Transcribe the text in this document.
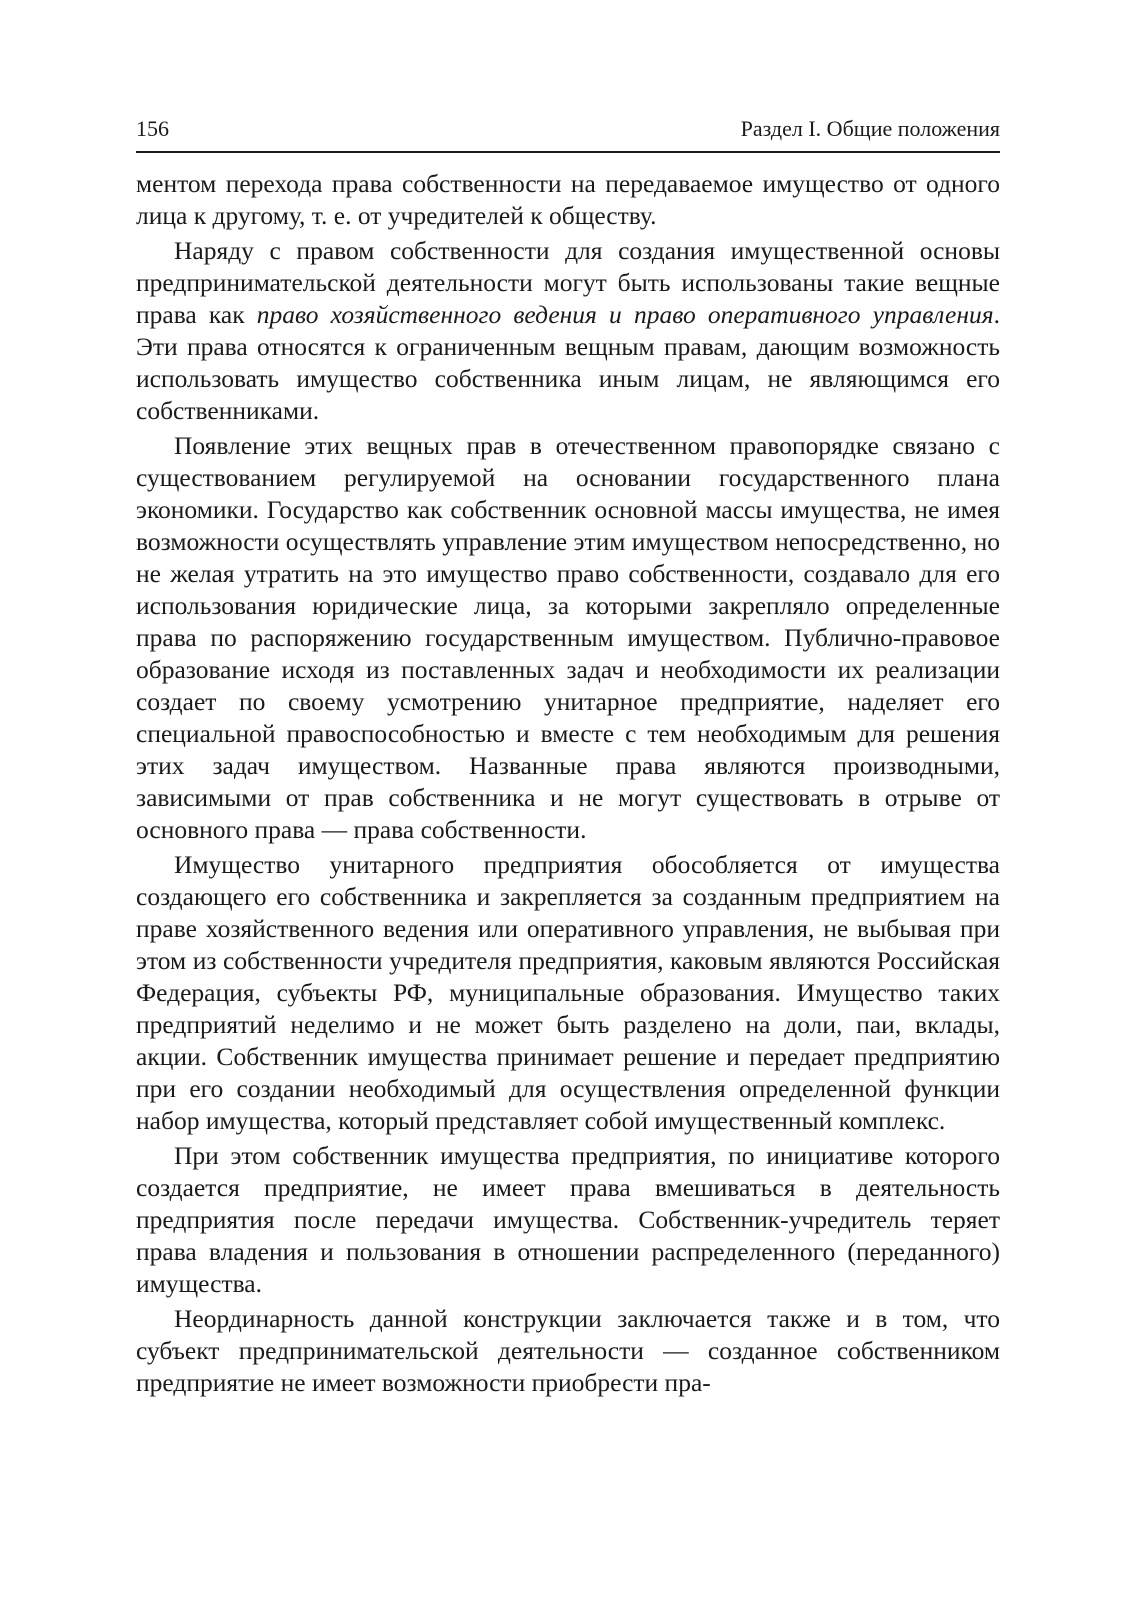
156	Раздел I. Общие положения

ментом перехода права собственности на передаваемое имущество от одного лица к другому, т. е. от учредителей к обществу.

Наряду с правом собственности для создания имущественной основы предпринимательской деятельности могут быть использованы такие вещные права как право хозяйственного ведения и право оперативного управления. Эти права относятся к ограниченным вещным правам, дающим возможность использовать имущество собственника иным лицам, не являющимся его собственниками.

Появление этих вещных прав в отечественном правопорядке связано с существованием регулируемой на основании государственного плана экономики. Государство как собственник основной массы имущества, не имея возможности осуществлять управление этим имуществом непосредственно, но не желая утратить на это имущество право собственности, создавало для его использования юридические лица, за которыми закрепляло определенные права по распоряжению государственным имуществом. Публично-правовое образование исходя из поставленных задач и необходимости их реализации создает по своему усмотрению унитарное предприятие, наделяет его специальной правоспособностью и вместе с тем необходимым для решения этих задач имуществом. Названные права являются производными, зависимыми от прав собственника и не могут существовать в отрыве от основного права — права собственности.

Имущество унитарного предприятия обособляется от имущества создающего его собственника и закрепляется за созданным предприятием на праве хозяйственного ведения или оперативного управления, не выбывая при этом из собственности учредителя предприятия, каковым являются Российская Федерация, субъекты РФ, муниципальные образования. Имущество таких предприятий неделимо и не может быть разделено на доли, паи, вклады, акции. Собственник имущества принимает решение и передает предприятию при его создании необходимый для осуществления определенной функции набор имущества, который представляет собой имущественный комплекс.

При этом собственник имущества предприятия, по инициативе которого создается предприятие, не имеет права вмешиваться в деятельность предприятия после передачи имущества. Собственник-учредитель теряет права владения и пользования в отношении распределенного (переданного) имущества.

Неординарность данной конструкции заключается также и в том, что субъект предпринимательской деятельности — созданное собственником предприятие не имеет возможности приобрести пра-
